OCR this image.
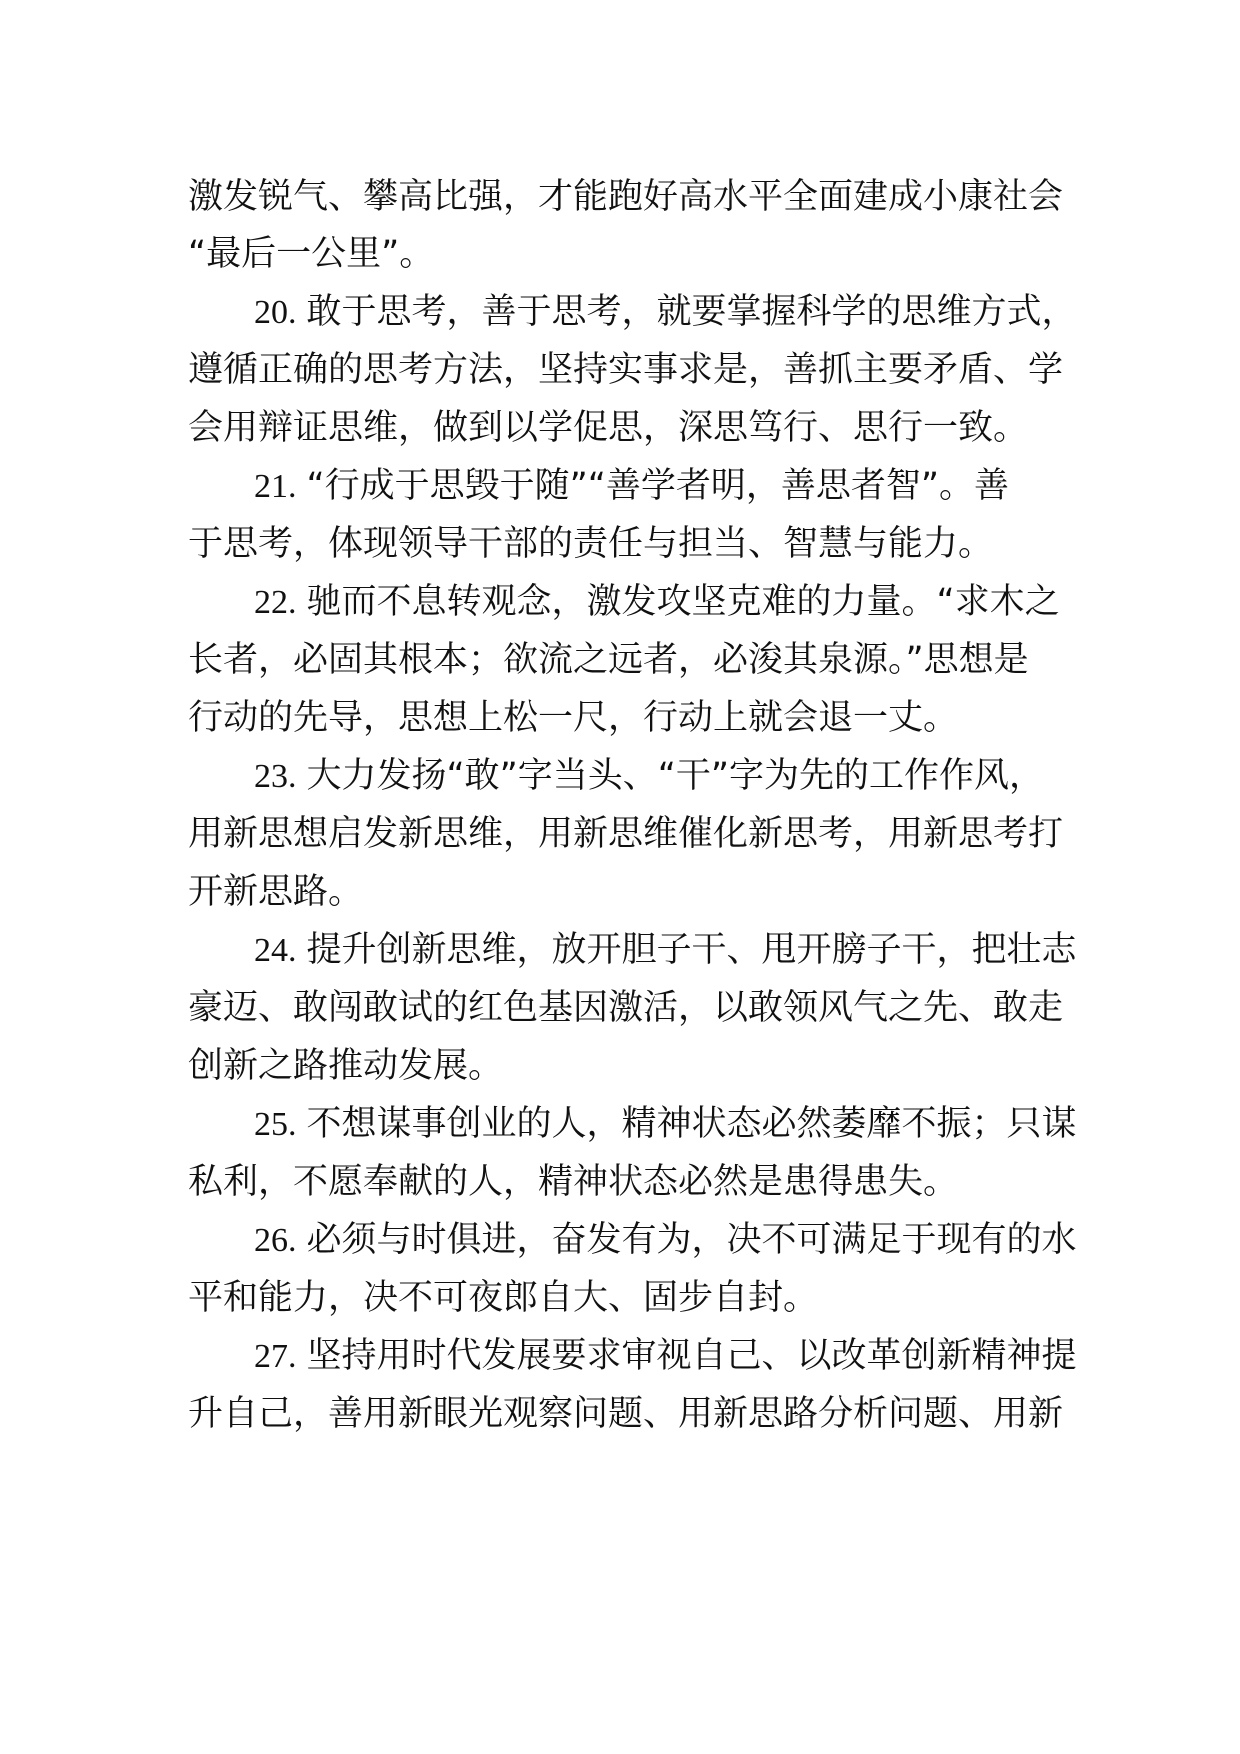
激发锐气、攀高比强，才能跑好高水平全面建成小康社会
“最后一公里”。
20. 敢于思考，善于思考，就要掌握科学的思维方式，
遵循正确的思考方法，坚持实事求是，善抓主要矛盾、学
会用辩证思维，做到以学促思，深思笃行、思行一致。
21. “行成于思毁于随”“善学者明，善思者智”。善
于思考，体现领导干部的责任与担当、智慧与能力。
22. 驰而不息转观念，激发攻坚克难的力量。“求木之
长者，必固其根本；欲流之远者，必浚其泉源。”思想是
行动的先导，思想上松一尺，行动上就会退一丈。
23. 大力发扬“敢”字当头、“干”字为先的工作作风，
用新思想启发新思维，用新思维催化新思考，用新思考打
开新思路。
24. 提升创新思维，放开胆子干、甩开膀子干，把壮志
豪迈、敢闯敢试的红色基因激活，以敢领风气之先、敢走
创新之路推动发展。
25. 不想谋事创业的人，精神状态必然萎靡不振；只谋
私利，不愿奉献的人，精神状态必然是患得患失。
26. 必须与时俱进，奋发有为，决不可满足于现有的水
平和能力，决不可夜郎自大、固步自封。
27. 坚持用时代发展要求审视自己、以改革创新精神提
升自己，善用新眼光观察问题、用新思路分析问题、用新
